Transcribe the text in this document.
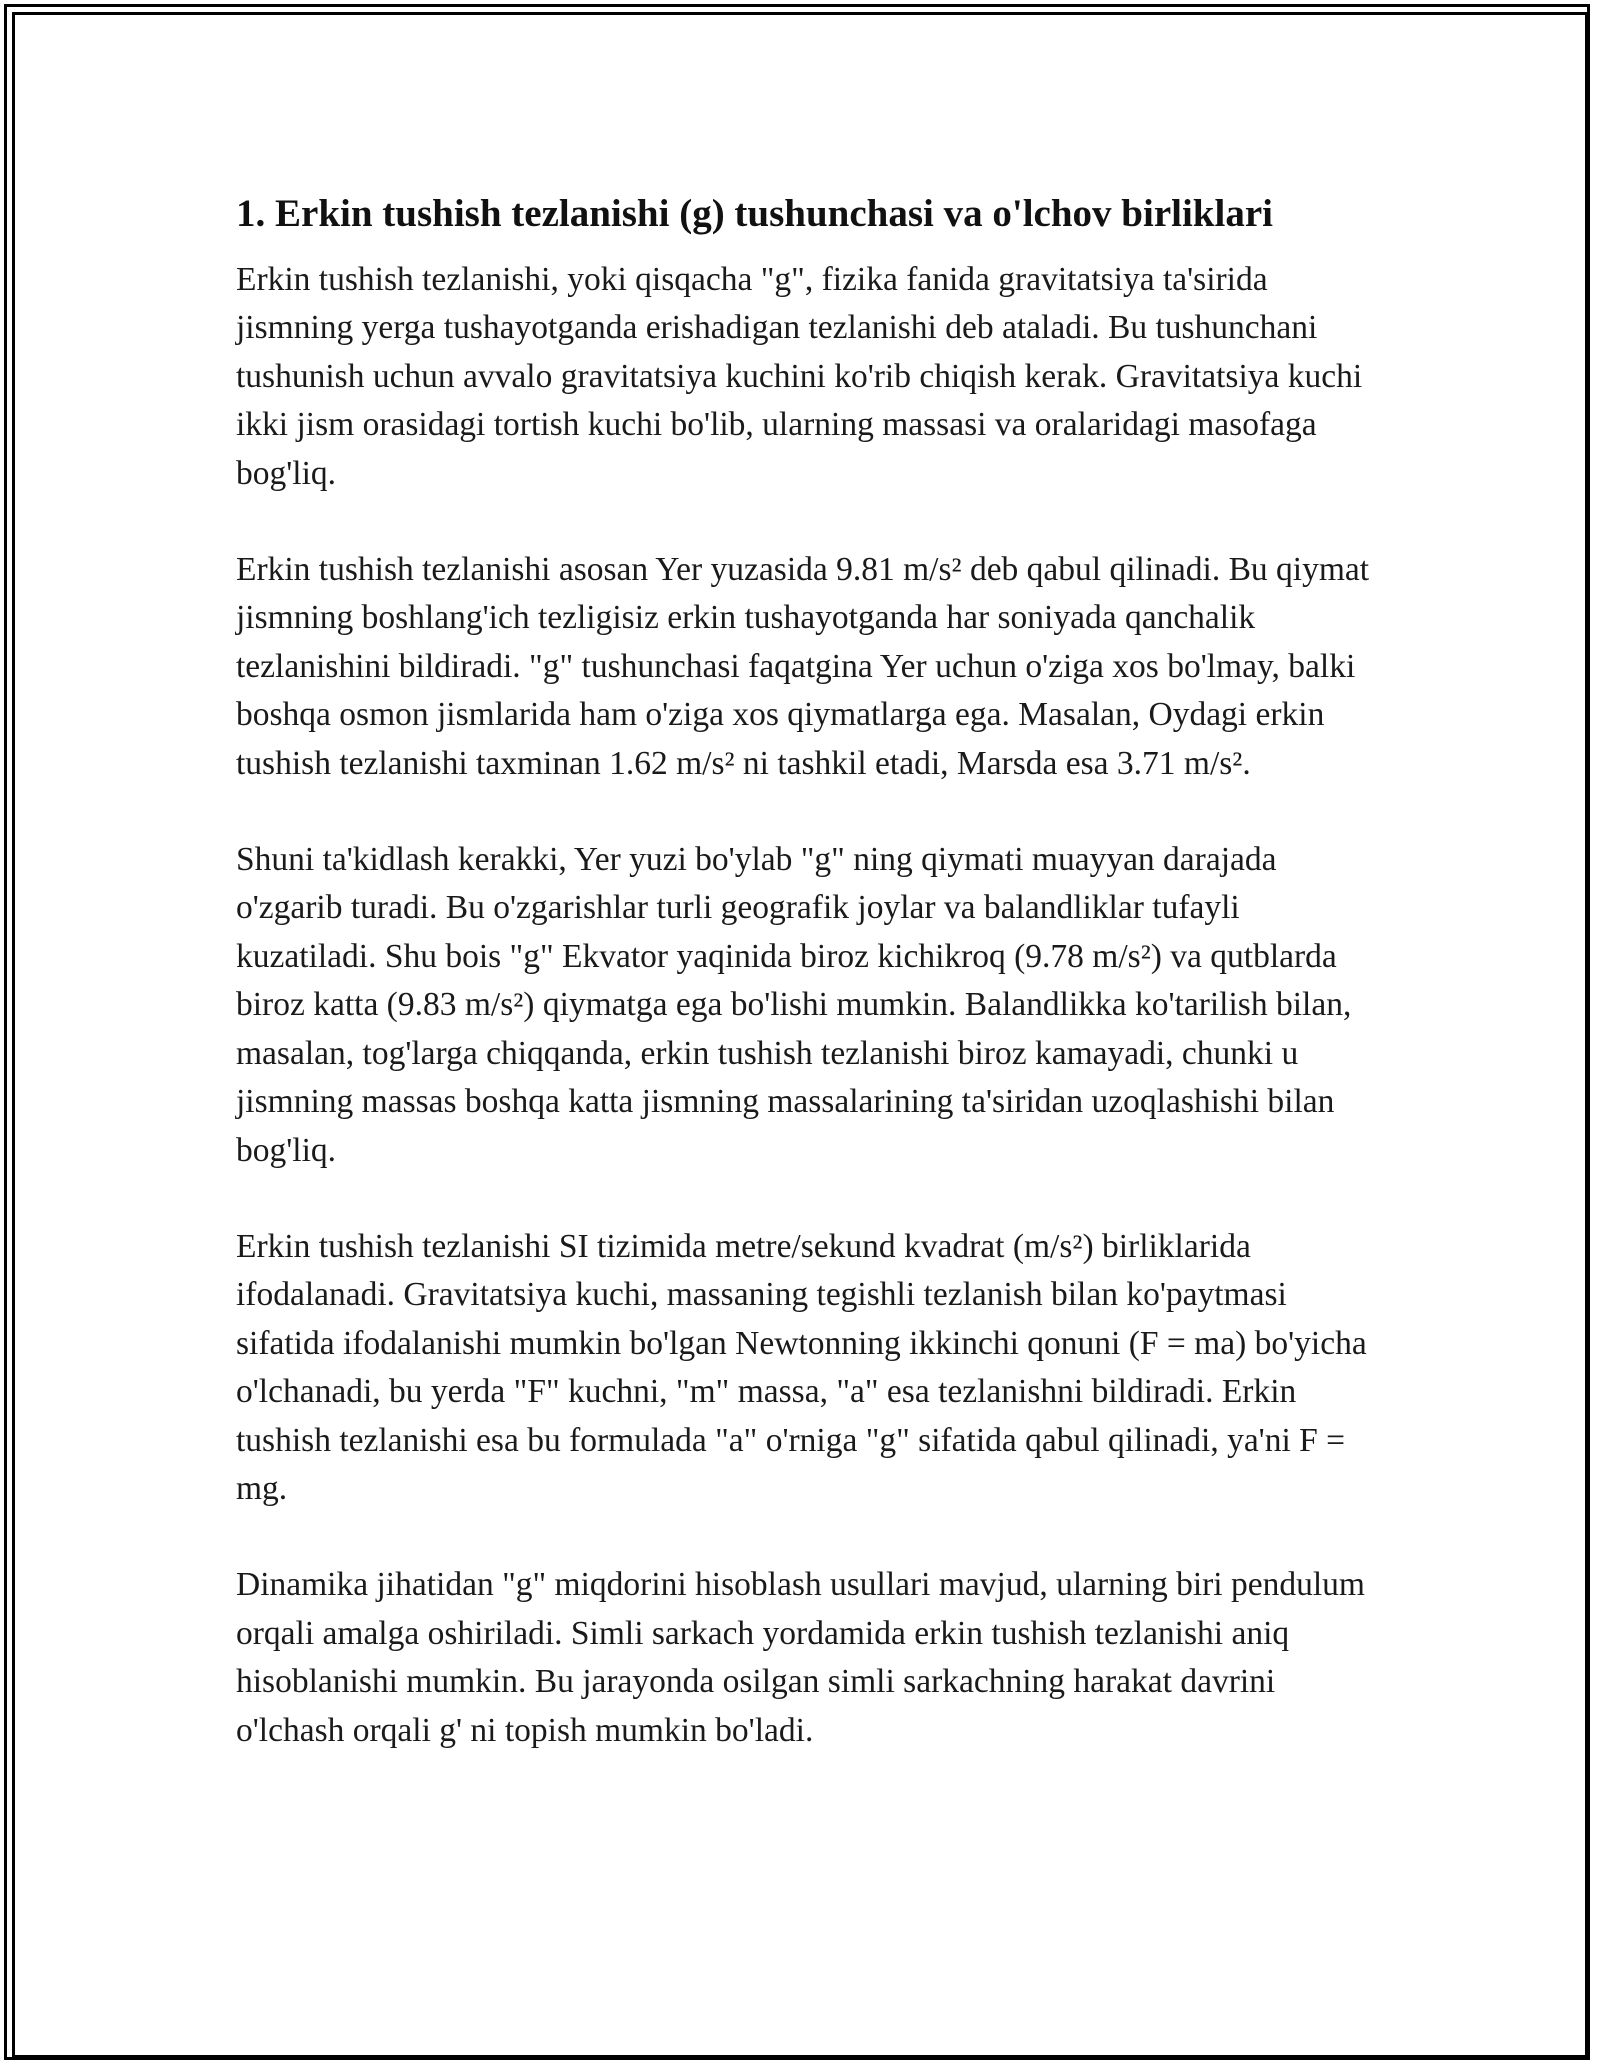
1. Erkin tushish tezlanishi (g) tushunchasi va o'lchov birliklari

Erkin tushish tezlanishi, yoki qisqacha "g", fizika fanida gravitatsiya ta'sirida jismning yerga tushayotganda erishadigan tezlanishi deb ataladi. Bu tushunchani tushunish uchun avvalo gravitatsiya kuchini ko'rib chiqish kerak. Gravitatsiya kuchi ikki jism orasidagi tortish kuchi bo'lib, ularning massasi va oralaridagi masofaga bog'liq.

Erkin tushish tezlanishi asosan Yer yuzasida 9.81 m/s² deb qabul qilinadi. Bu qiymat jismning boshlang'ich tezligisiz erkin tushayotganda har soniyada qanchalik tezlanishini bildiradi. "g" tushunchasi faqatgina Yer uchun o'ziga xos bo'lmay, balki boshqa osmon jismlarida ham o'ziga xos qiymatlarga ega. Masalan, Oydagi erkin tushish tezlanishi taxminan 1.62 m/s² ni tashkil etadi, Marsda esa 3.71 m/s².

Shuni ta'kidlash kerakki, Yer yuzi bo'ylab "g" ning qiymati muayyan darajada o'zgarib turadi. Bu o'zgarishlar turli geografik joylar va balandliklar tufayli kuzatiladi. Shu bois "g" Ekvator yaqinida biroz kichikroq (9.78 m/s²) va qutblarda biroz katta (9.83 m/s²) qiymatga ega bo'lishi mumkin. Balandlikka ko'tarilish bilan, masalan, tog'larga chiqqanda, erkin tushish tezlanishi biroz kamayadi, chunki u jismning massas boshqa katta jismning massalarining ta'siridan uzoqlashishi bilan bog'liq.

Erkin tushish tezlanishi SI tizimida metre/sekund kvadrat (m/s²) birliklarida ifodalanadi. Gravitatsiya kuchi, massaning tegishli tezlanish bilan ko'paytmasi sifatida ifodalanishi mumkin bo'lgan Newtonning ikkinchi qonuni (F = ma) bo'yicha o'lchanadi, bu yerda "F" kuchni, "m" massa, "a" esa tezlanishni bildiradi. Erkin tushish tezlanishi esa bu formulada "a" o'rniga "g" sifatida qabul qilinadi, ya'ni F = mg.

Dinamika jihatidan "g" miqdorini hisoblash usullari mavjud, ularning biri pendulum orqali amalga oshiriladi. Simli sarkach yordamida erkin tushish tezlanishi aniq hisoblanishi mumkin. Bu jarayonda osilgan simli sarkachning harakat davrini o'lchash orqali g' ni topish mumkin bo'ladi.
